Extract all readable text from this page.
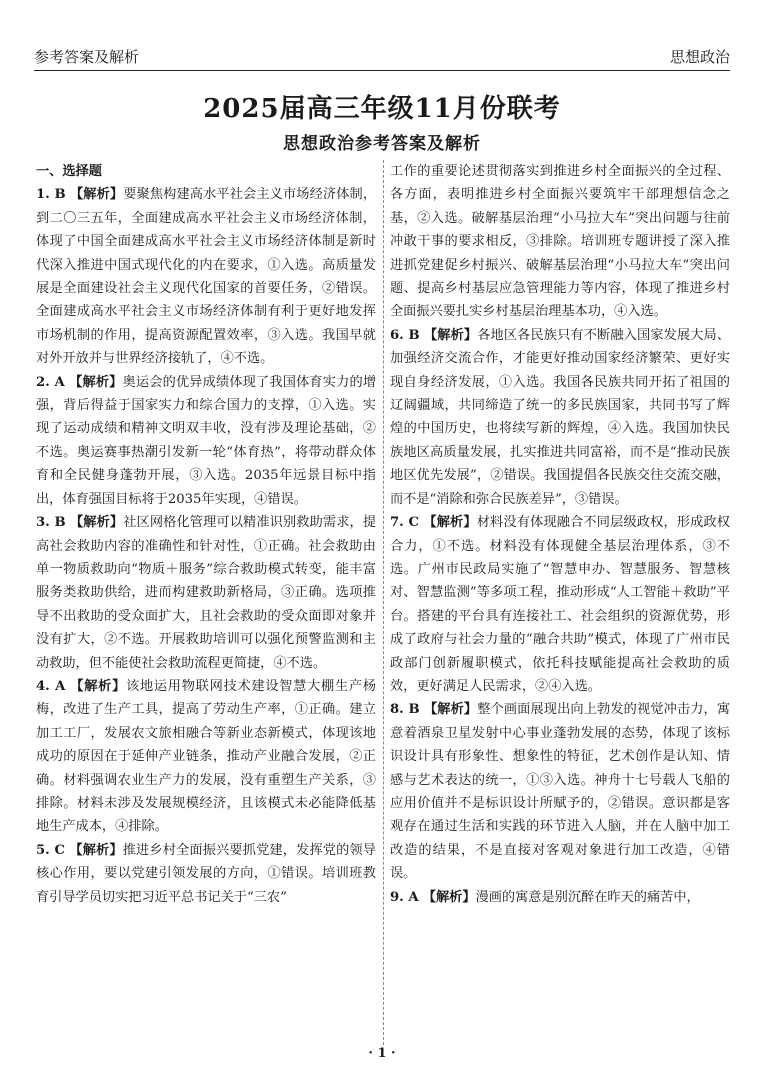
参考答案及解析	思想政治
2025届高三年级11月份联考
思想政治参考答案及解析
一、选择题
1. B 【解析】要聚焦构建高水平社会主义市场经济体制，到二〇三五年，全面建成高水平社会主义市场经济体制，体现了中国全面建成高水平社会主义市场经济体制是新时代深入推进中国式现代化的内在要求，①入选。高质量发展是全面建设社会主义现代化国家的首要任务，②错误。全面建成高水平社会主义市场经济体制有利于更好地发挥市场机制的作用，提高资源配置效率，③入选。我国早就对外开放并与世界经济接轨了，④不选。
2. A 【解析】奥运会的优异成绩体现了我国体育实力的增强，背后得益于国家实力和综合国力的支撑，①入选。实现了运动成绩和精神文明双丰收，没有涉及理论基础，②不选。奥运赛事热潮引发新一轮“体育热”，将带动群众体育和全民健身蓬勃开展，③入选。2035年远景目标中指出，体育强国目标将于2035年实现，④错误。
3. B 【解析】社区网格化管理可以精准识别救助需求，提高社会救助内容的准确性和针对性，①正确。社会救助由单一物质救助向“物质＋服务”综合救助模式转变，能丰富服务类救助供给，进而构建救助新格局，③正确。选项推导不出救助的受众面扩大，且社会救助的受众面即对象并没有扩大，②不选。开展救助培训可以强化预警监测和主动救助，但不能使社会救助流程更简捷，④不选。
4. A 【解析】该地运用物联网技术建设智慧大棚生产杨梅，改进了生产工具，提高了劳动生产率，①正确。建立加工工厂，发展农文旅相融合等新业态新模式，体现该地成功的原因在于延伸产业链条，推动产业融合发展，②正确。材料强调农业生产力的发展，没有重塑生产关系，③排除。材料未涉及发展规模经济，且该模式未必能降低基地生产成本，④排除。
5. C 【解析】推进乡村全面振兴要抓党建，发挥党的领导核心作用，要以党建引领发展的方向，①错误。培训班教育引导学员切实把习近平总书记关于“三农”
工作的重要论述贯彻落实到推进乡村全面振兴的全过程、各方面，表明推进乡村全面振兴要筑牢干部理想信念之基，②入选。破解基层治理“小马拉大车”突出问题与往前冲敢干事的要求相反，③排除。培训班专题讲授了深入推进抓党建促乡村振兴、破解基层治理“小马拉大车”突出问题、提高乡村基层应急管理能力等内容，体现了推进乡村全面振兴要扎实乡村基层治理基本功，④入选。
6. B 【解析】各地区各民族只有不断融入国家发展大局、加强经济交流合作，才能更好推动国家经济繁荣、更好实现自身经济发展，①入选。我国各民族共同开拓了祖国的辽阔疆域，共同缔造了统一的多民族国家，共同书写了辉煌的中国历史，也将续写新的辉煌，④入选。我国加快民族地区高质量发展，扎实推进共同富裕，而不是“推动民族地区优先发展”，②错误。我国提倡各民族交往交流交融，而不是“消除和弥合民族差异”，③错误。
7. C 【解析】材料没有体现融合不同层级政权，形成政权合力，①不选。材料没有体现健全基层治理体系，③不选。广州市民政局实施了“智慧申办、智慧服务、智慧核对、智慧监测”等多项工程，推动形成“人工智能＋救助”平台。搭建的平台具有连接社工、社会组织的资源优势，形成了政府与社会力量的“融合共助”模式，体现了广州市民政部门创新履职模式，依托科技赋能提高社会救助的质效，更好满足人民需求，②④入选。
8. B 【解析】整个画面展现出向上勃发的视觉冲击力，寓意着酒泉卫星发射中心事业蓬勃发展的态势，体现了该标识设计具有形象性、想象性的特征，艺术创作是认知、情感与艺术表达的统一，①③入选。神舟十七号载人飞船的应用价值并不是标识设计所赋予的，②错误。意识都是客观存在通过生活和实践的环节进入人脑，并在人脑中加工改造的结果，不是直接对客观对象进行加工改造，④错误。
9. A 【解析】漫画的寓意是别沉醉在昨天的痛苦中，
· 1 ·
